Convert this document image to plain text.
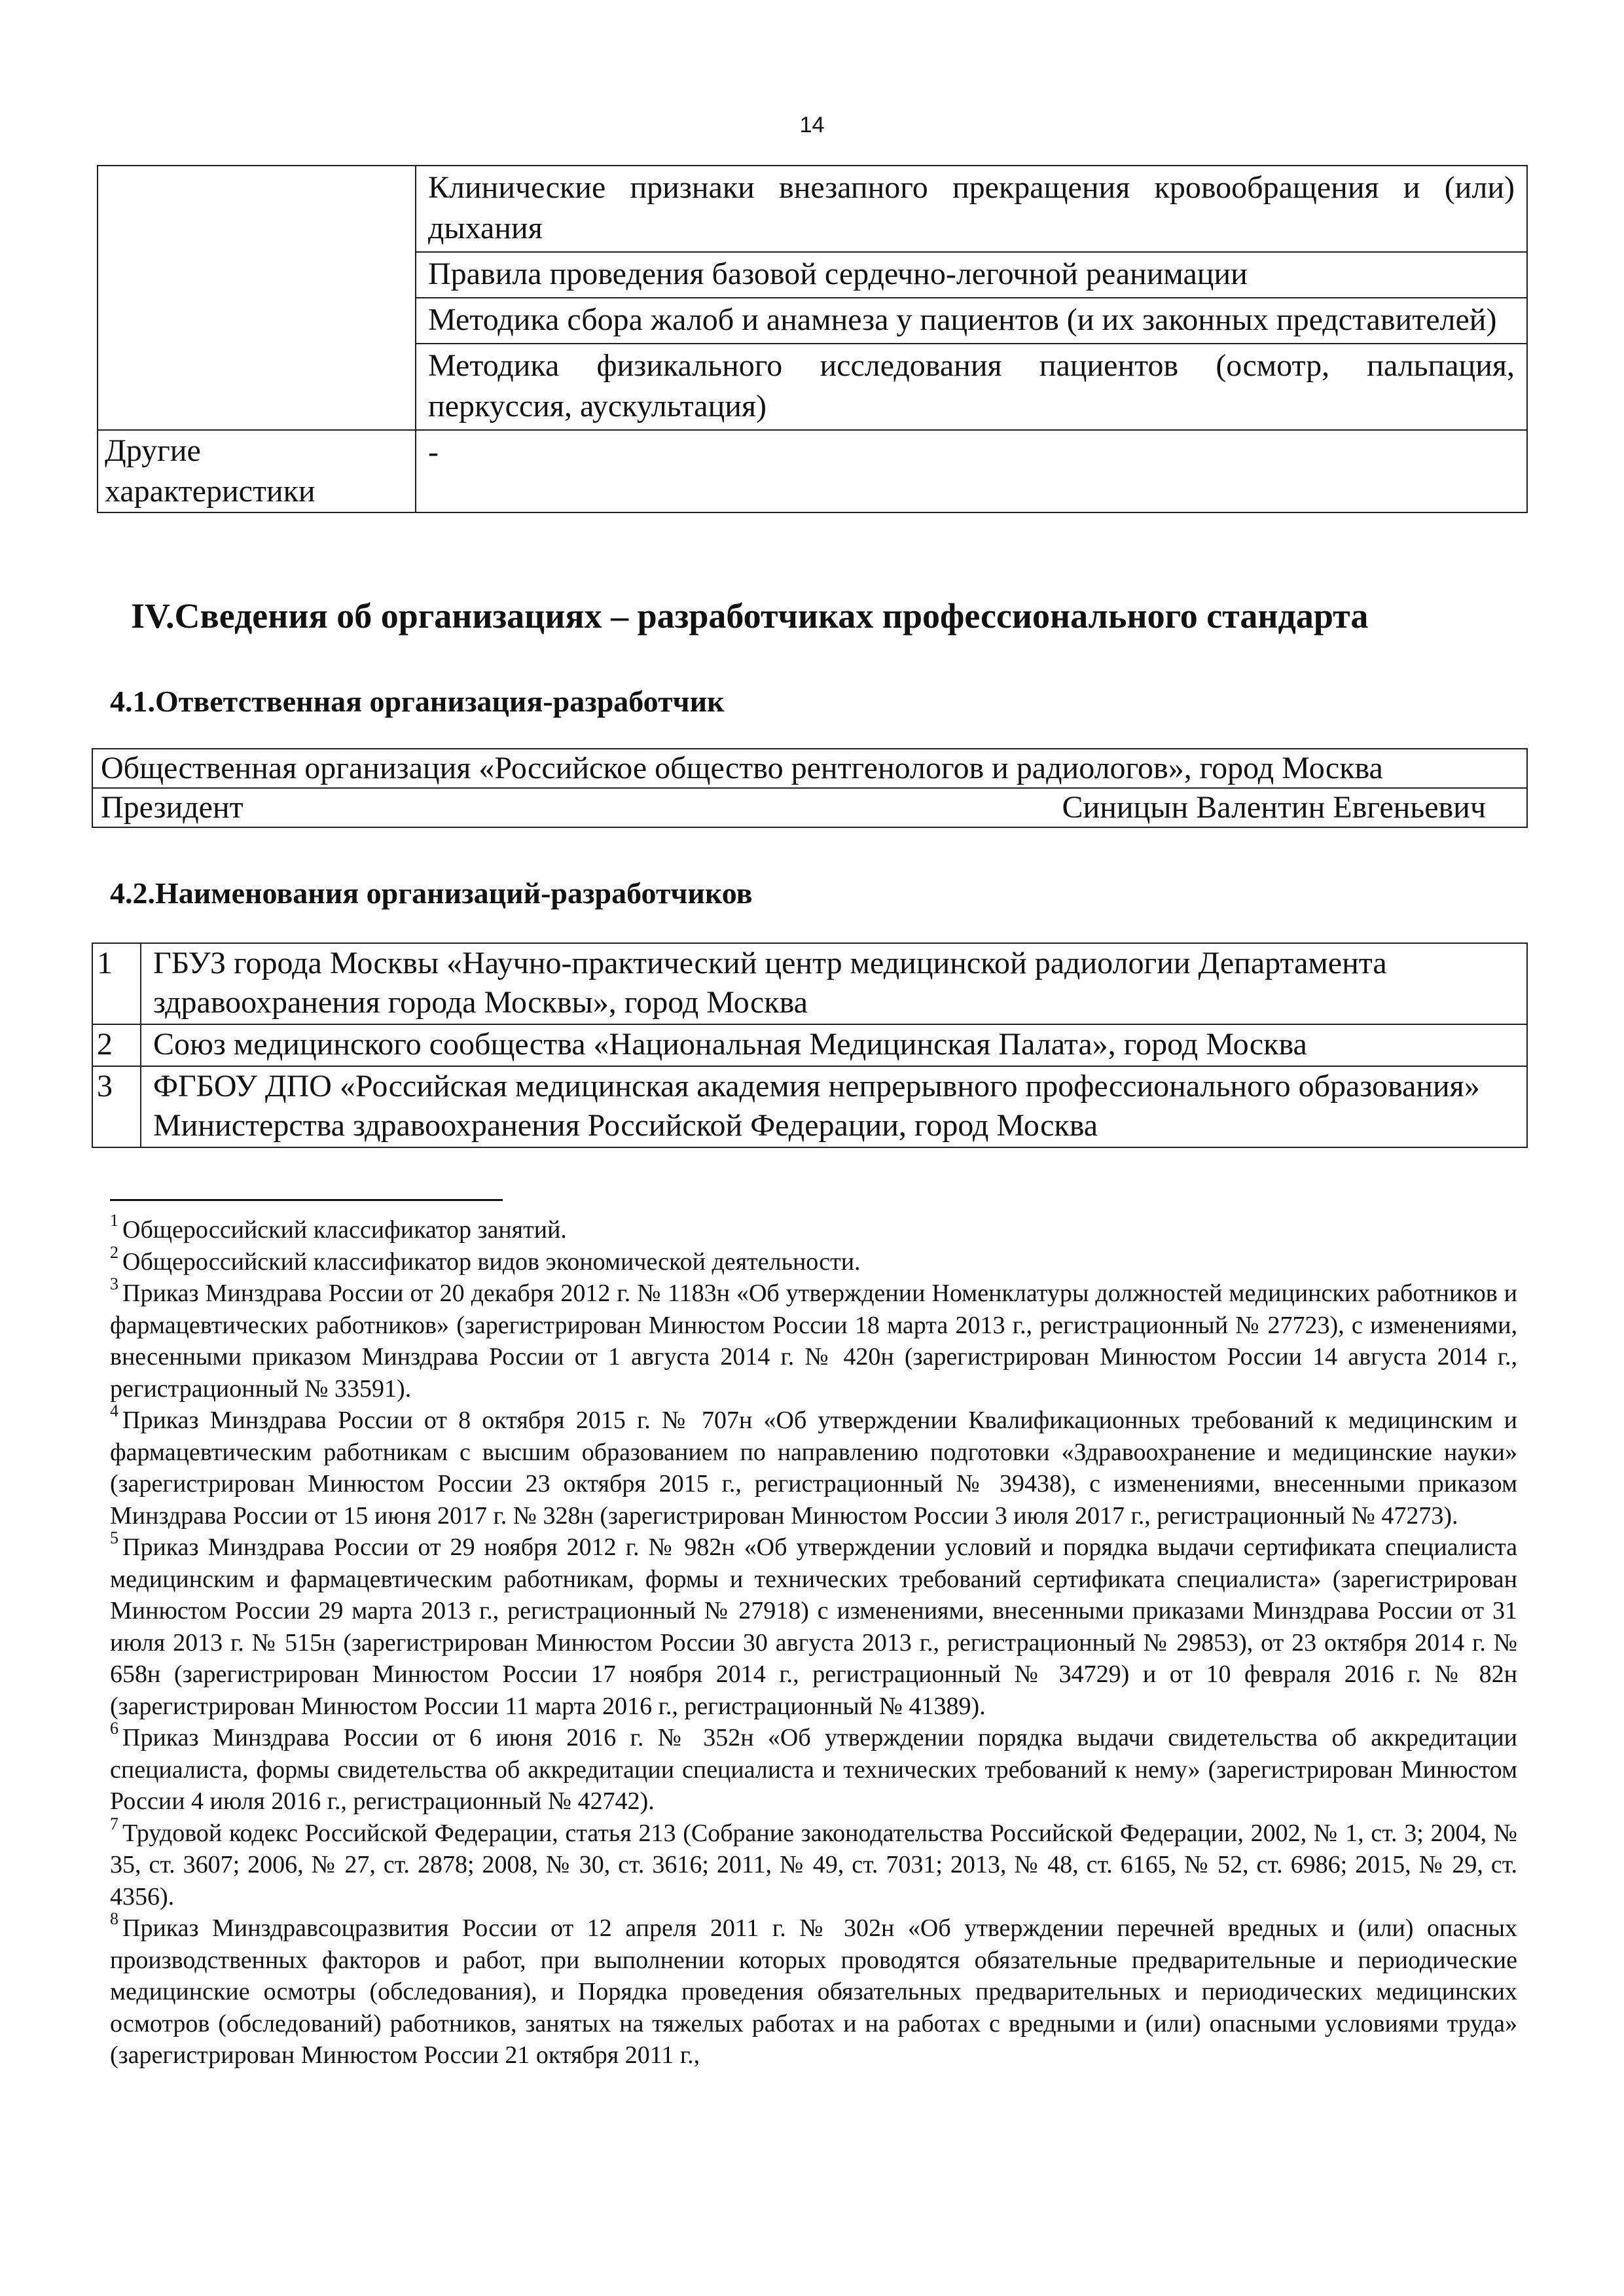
14
	Клинические признаки внезапного прекращения кровообращения и (или) дыхания
	Правила проведения базовой сердечно-легочной реанимации
	Методика сбора жалоб и анамнеза у пациентов (и их законных представителей)
	Методика физикального исследования пациентов (осмотр, пальпация, перкуссия, аускультация)

Другие
характеристики	-
IV.Сведения об организациях – разработчиках профессионального стандарта
4.1.Ответственная организация-разработчик
Общественная организация «Российское общество рентгенологов и радиологов», город Москва

Президент	Синицын Валентин Евгеньевич
4.2.Наименования организаций-разработчиков
1	ГБУЗ города Москвы «Научно-практический центр медицинской радиологии Департамента здравоохранения города Москвы», город Москва
2	Союз медицинского сообщества «Национальная Медицинская Палата», город Москва
3	ФГБОУ ДПО «Российская медицинская академия непрерывного профессионального образования» Министерства здравоохранения Российской Федерации, город Москва

$^1$ Общероссийский классификатор занятий.

$^2$ Общероссийский классификатор видов экономической деятельности.

$^3$ Приказ Минздрава России от 20 декабря 2012 г. № 1183н «Об утверждении Номенклатуры должностей медицинских работников и фармацевтических работников» (зарегистрирован Минюстом России 18 марта 2013 г., регистрационный № 27723), с изменениями, внесенными приказом Минздрава России от 1 августа 2014 г. № 420н (зарегистрирован Минюстом России 14 августа 2014 г., регистрационный № 33591).

$^4$ Приказ Минздрава России от 8 октября 2015 г. № 707н «Об утверждении Квалификационных требований к медицинским и фармацевтическим работникам с высшим образованием по направлению подготовки «Здравоохранение и медицинские науки» (зарегистрирован Минюстом России 23 октября 2015 г., регистрационный № 39438), с изменениями, внесенными приказом Минздрава России от 15 июня 2017 г. № 328н (зарегистрирован Минюстом России 3 июля 2017 г., регистрационный № 47273).

$^5$ Приказ Минздрава России от 29 ноября 2012 г. № 982н «Об утверждении условий и порядка выдачи сертификата специалиста медицинским и фармацевтическим работникам, формы и технических требований сертификата специалиста» (зарегистрирован Минюстом России 29 марта 2013 г., регистрационный № 27918) с изменениями, внесенными приказами Минздрава России от 31 июля 2013 г. № 515н (зарегистрирован Минюстом России 30 августа 2013 г., регистрационный № 29853), от 23 октября 2014 г. № 658н (зарегистрирован Минюстом России 17 ноября 2014 г., регистрационный № 34729) и от 10 февраля 2016 г. № 82н (зарегистрирован Минюстом России 11 марта 2016 г., регистрационный № 41389).

$^6$ Приказ Минздрава России от 6 июня 2016 г. № 352н «Об утверждении порядка выдачи свидетельства об аккредитации специалиста, формы свидетельства об аккредитации специалиста и технических требований к нему» (зарегистрирован Минюстом России 4 июля 2016 г., регистрационный № 42742).

$^7$ Трудовой кодекс Российской Федерации, статья 213 (Собрание законодательства Российской Федерации, 2002, № 1, ст. 3; 2004, № 35, ст. 3607; 2006, № 27, ст. 2878; 2008, № 30, ст. 3616; 2011, № 49, ст. 7031; 2013, № 48, ст. 6165, № 52, ст. 6986; 2015, № 29, ст. 4356).

$^8$ Приказ Минздравсоцразвития России от 12 апреля 2011 г. № 302н «Об утверждении перечней вредных и (или) опасных производственных факторов и работ, при выполнении которых проводятся обязательные предварительные и периодические медицинские осмотры (обследования), и Порядка проведения обязательных предварительных и периодических медицинских осмотров (обследований) работников, занятых на тяжелых работах и на работах с вредными и (или) опасными условиями труда» (зарегистрирован Минюстом России 21 октября 2011 г.,
